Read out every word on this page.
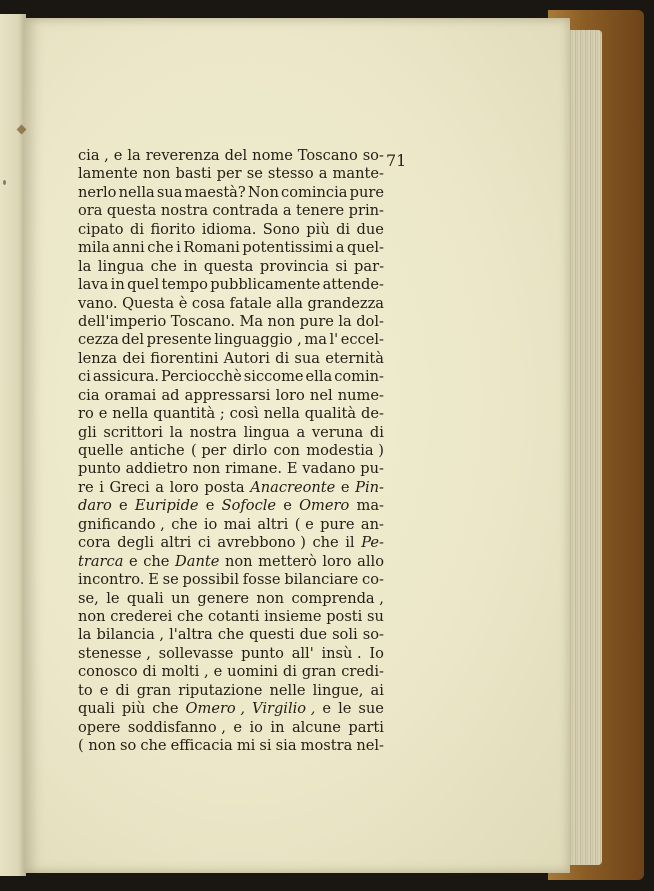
71

cia , e la reverenza del nome Toscano so-
lamente non basti per se stesso a mante-
nerlo nella sua maestà? Non comincia pure
ora questa nostra contrada a tenere prin-
cipato di fiorito idioma. Sono più di due
mila anni che i Romani potentissimi a quel-
la lingua che in questa provincia si par-
lava in quel tempo pubblicamente attende-
vano. Questa è cosa fatale alla grandezza
dell'imperio Toscano. Ma non pure la dol-
cezza del presente linguaggio , ma l' eccel-
lenza dei fiorentini Autori di sua eternità
ci assicura. Perciocchè siccome ella comin-
cia oramai ad appressarsi loro nel nume-
ro e nella quantità ; così nella qualità de-
gli scrittori la nostra lingua a veruna di
quelle antiche ( per dirlo con modestia )
punto addietro non rimane. E vadano pu-
re i Greci a loro posta Anacreonte e Pin-
daro e Euripide e Sofocle e Omero ma-
gnificando , che io mai altri ( e pure an-
cora degli altri ci avrebbono ) che il Pe-
trarca e che Dante non metterò loro allo
incontro. E se possibil fosse bilanciare co-
se, le quali un genere non comprenda ,
non crederei che cotanti insieme posti su
la bilancia , l'altra che questi due soli so-
stenesse , sollevasse punto all' insù . Io
conosco di molti , e uomini di gran credi-
to e di gran riputazione nelle lingue, ai
quali più che Omero , Virgilio , e le sue
opere soddisfanno , e io in alcune parti
( non so che efficacia mi si sia mostra nel-
